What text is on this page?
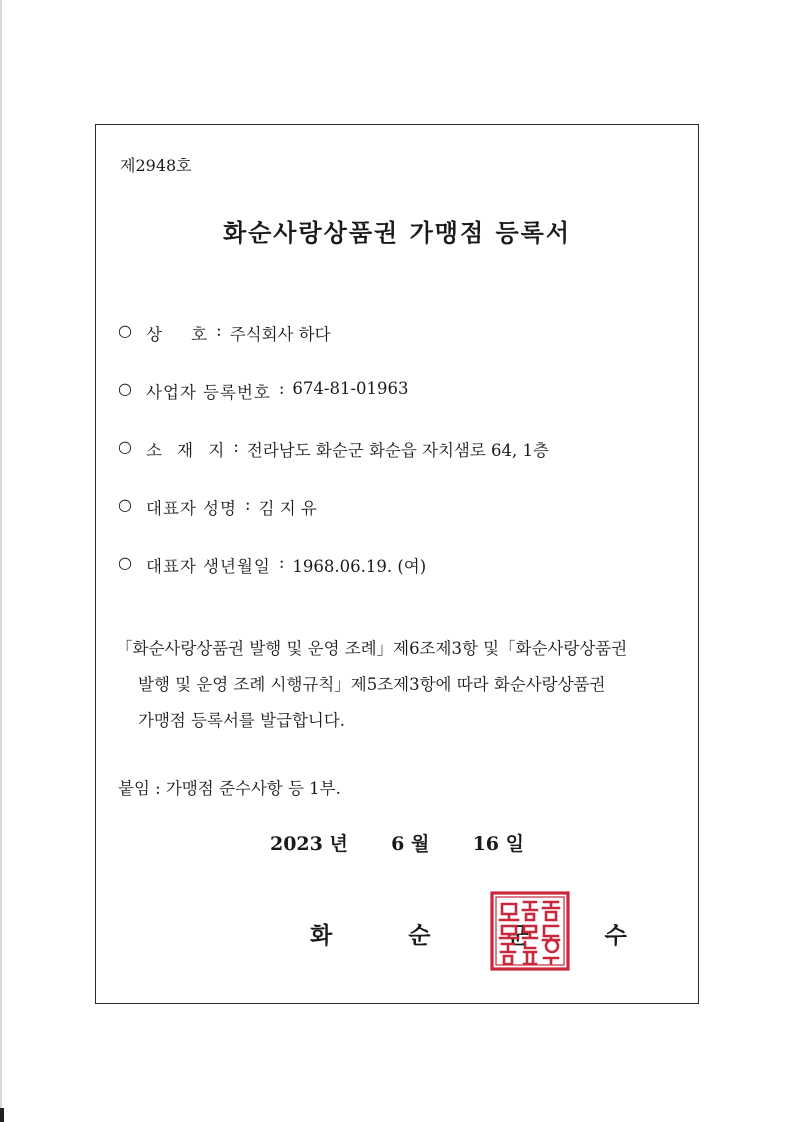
제2948호
화순사랑상품권 가맹점 등록서
○ 상 호 : 주식회사 하다
○ 사업자 등록번호 : 674-81-01963
○ 소 재 지 : 전라남도 화순군 화순읍 자치샘로 64, 1층
○ 대표자 성명 : 김 지 유
○ 대표자 생년월일 : 1968.06.19. (여)
「화순사랑상품권 발행 및 운영 조례」제6조제3항 및「화순사랑상품권
발행 및 운영 조례 시행규칙」제5조제3항에 따라 화순사랑상품권
가맹점 등록서를 발급합니다.
붙임 : 가맹점 준수사항 등 1부.
2023 년 6 월 16 일
화 순 군 수
